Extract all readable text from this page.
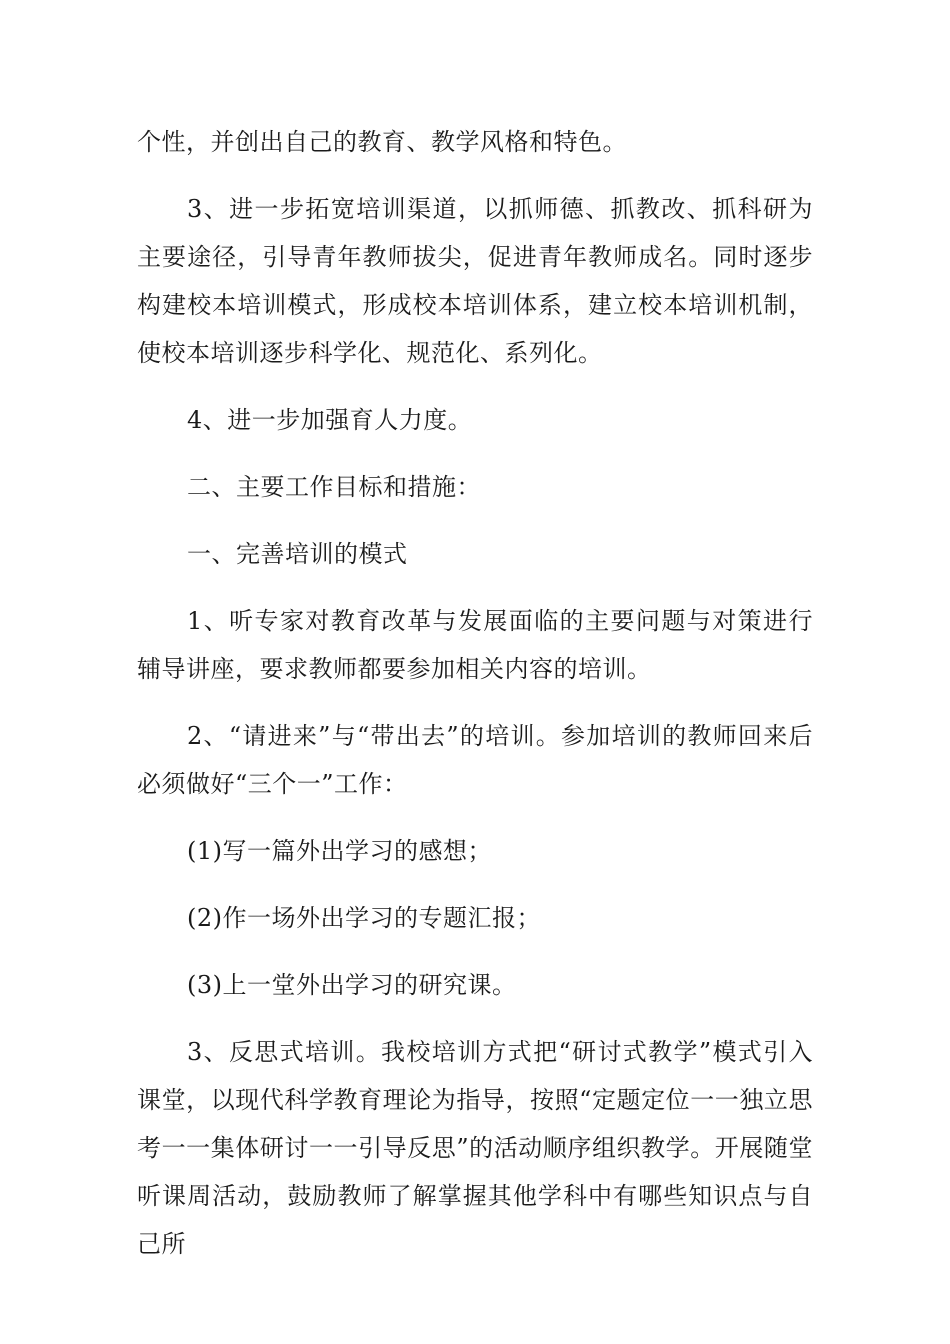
个性，并创出自己的教育、教学风格和特色。

3、进一步拓宽培训渠道，以抓师德、抓教改、抓科研为主要途径，引导青年教师拔尖，促进青年教师成名。同时逐步构建校本培训模式，形成校本培训体系，建立校本培训机制，使校本培训逐步科学化、规范化、系列化。

4、进一步加强育人力度。

二、主要工作目标和措施：

一、完善培训的模式

1、听专家对教育改革与发展面临的主要问题与对策进行辅导讲座，要求教师都要参加相关内容的培训。

2、“请进来”与“带出去”的培训。参加培训的教师回来后必须做好“三个一”工作：

(1)写一篇外出学习的感想；

(2)作一场外出学习的专题汇报；

(3)上一堂外出学习的研究课。

3、反思式培训。我校培训方式把“研讨式教学”模式引入课堂，以现代科学教育理论为指导，按照“定题定位一一独立思考一一集体研讨一一引导反思”的活动顺序组织教学。开展随堂听课周活动，鼓励教师了解掌握其他学科中有哪些知识点与自己所
